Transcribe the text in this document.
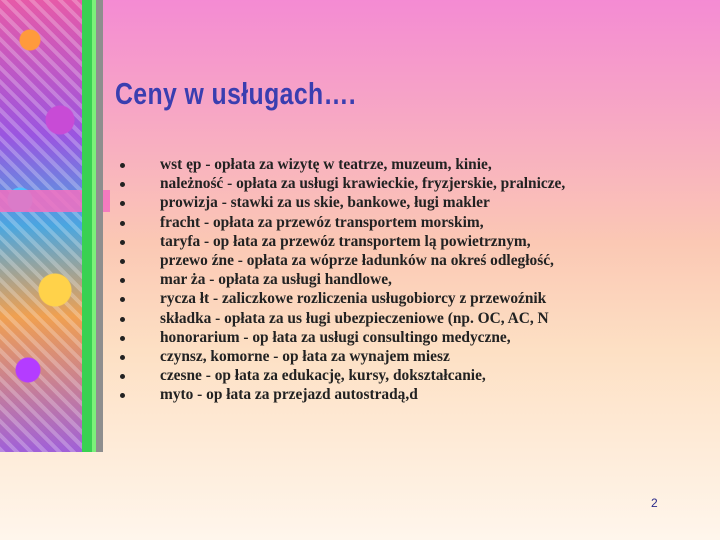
Ceny w usługach….
wst ęp - opłata za wizytę w teatrze, muzeum, kinie,
należność - opłata za usługi krawieckie, fryzjerskie, pralnicze,
prowizja - stawki za us skie, bankowe, ługi makler
fracht - opłata za przewóz transportem morskim,
taryfa - op łata za przewóz transportem lą powietrznym,
przewo źne - opłata za wóprze ładunków na okreś odległość,
mar ża - opłata za usługi handlowe,
rycza łt - zaliczkowe rozliczenia usługobiorcy z przewoźnik
składka - opłata za us ługi ubezpieczeniowe (np. OC, AC, N
honorarium - op łata za usługi consultingo medyczne,
czynsz, komorne - op łata za wynajem miesz
czesne - op łata za edukację, kursy, dokształcanie,
myto - op łata za przejazd autostradą,d
2
